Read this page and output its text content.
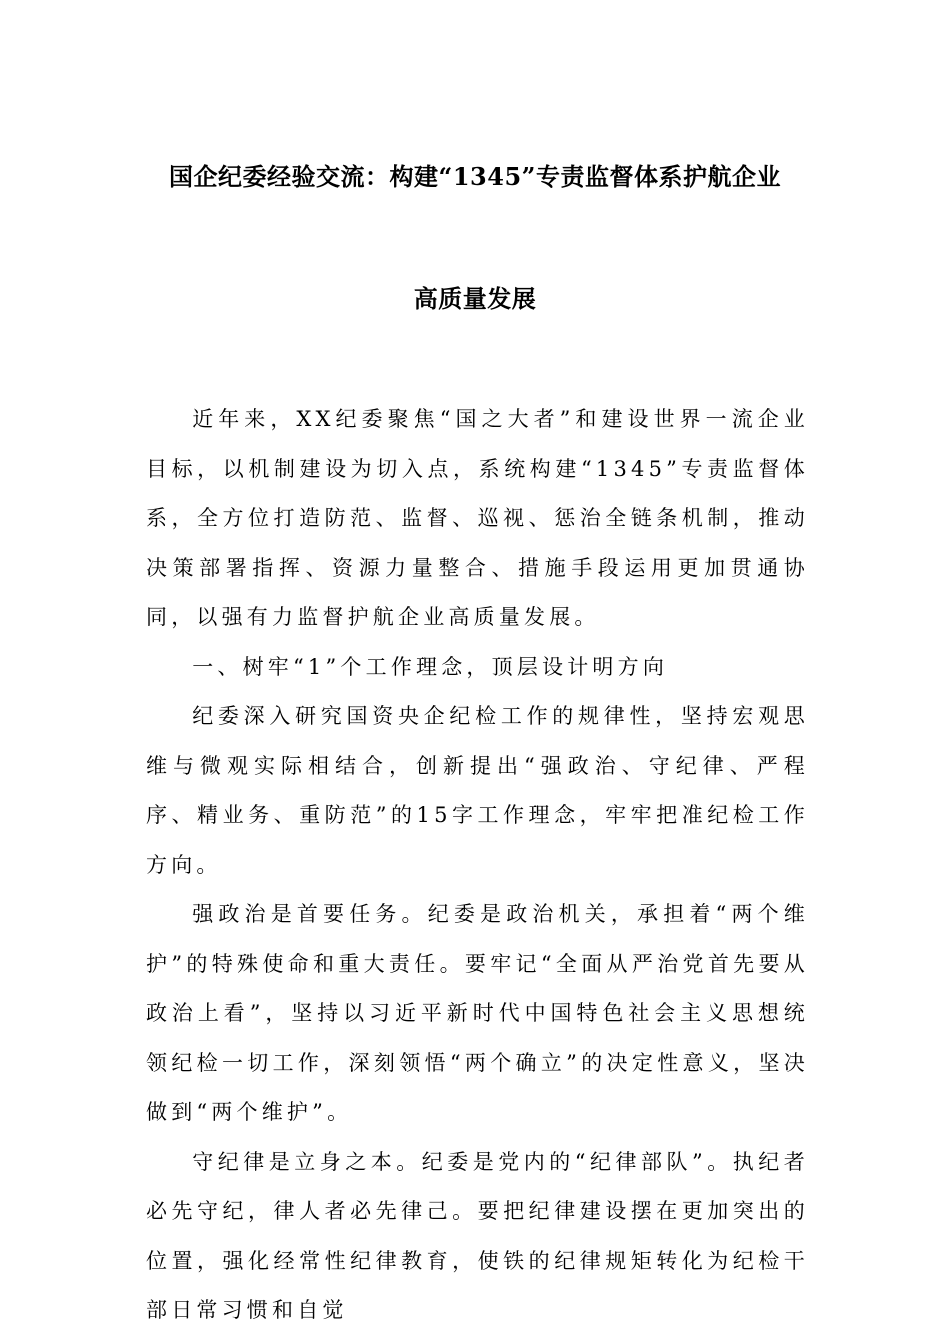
国企纪委经验交流：构建“1345”专责监督体系护航企业
高质量发展

近年来，XX纪委聚焦“国之大者”和建设世界一流企业目标，以机制建设为切入点，系统构建“1345”专责监督体系，全方位打造防范、监督、巡视、惩治全链条机制，推动决策部署指挥、资源力量整合、措施手段运用更加贯通协同，以强有力监督护航企业高质量发展。

一、树牢“1”个工作理念，顶层设计明方向

纪委深入研究国资央企纪检工作的规律性，坚持宏观思维与微观实际相结合，创新提出“强政治、守纪律、严程序、精业务、重防范”的15字工作理念，牢牢把准纪检工作方向。

强政治是首要任务。纪委是政治机关，承担着“两个维护”的特殊使命和重大责任。要牢记“全面从严治党首先要从政治上看”，坚持以习近平新时代中国特色社会主义思想统领纪检一切工作，深刻领悟“两个确立”的决定性意义，坚决做到“两个维护”。

守纪律是立身之本。纪委是党内的“纪律部队”。执纪者必先守纪，律人者必先律己。要把纪律建设摆在更加突出的位置，强化经常性纪律教育，使铁的纪律规矩转化为纪检干部日常习惯和自觉
